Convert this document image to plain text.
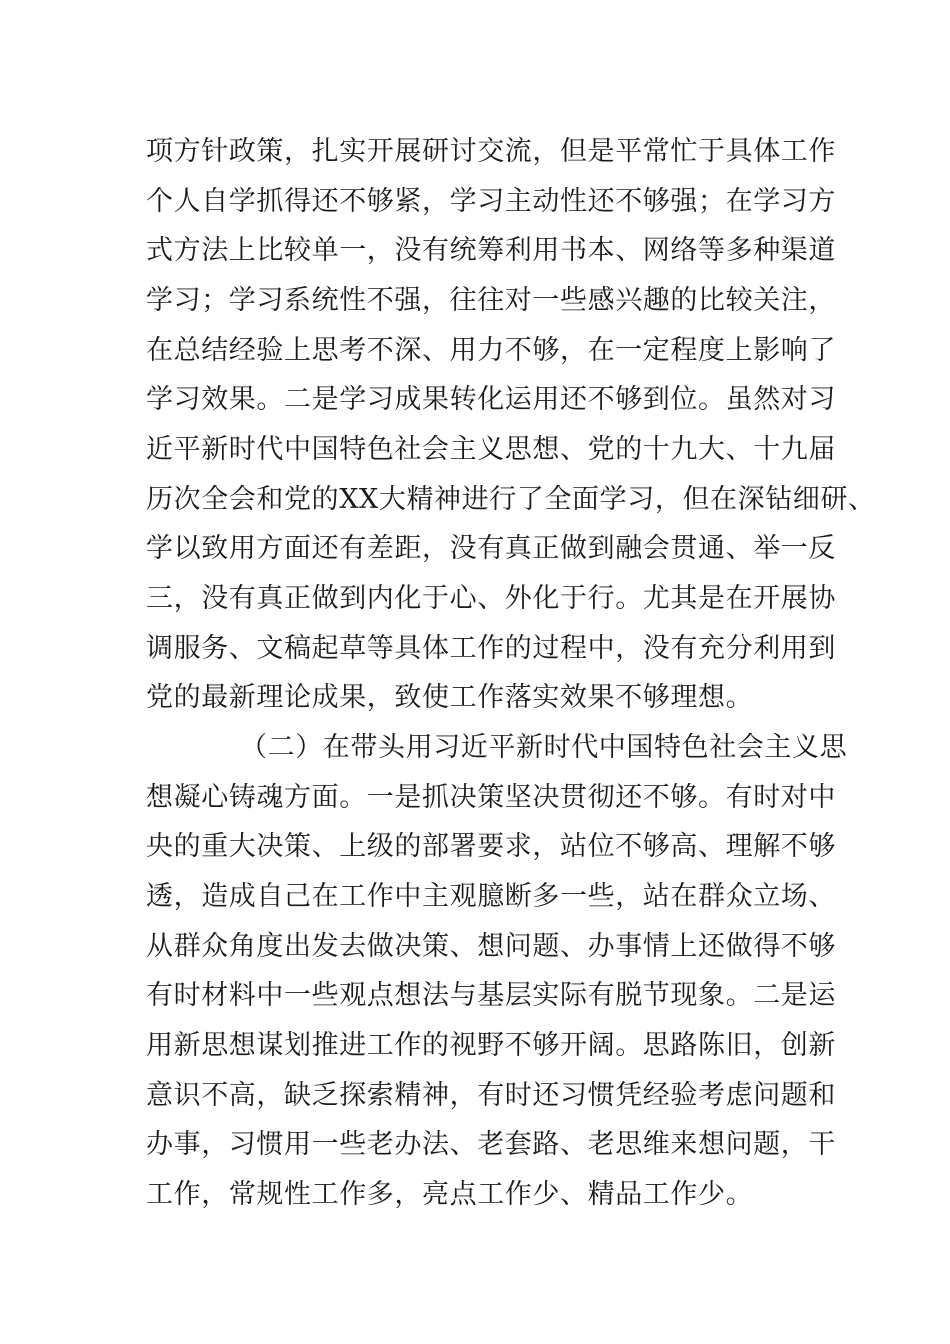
项方针政策，扎实开展研讨交流，但是平常忙于具体工作
个人自学抓得还不够紧，学习主动性还不够强；在学习方
式方法上比较单一，没有统筹利用书本、网络等多种渠道
学习；学习系统性不强，往往对一些感兴趣的比较关注，
在总结经验上思考不深、用力不够，在一定程度上影响了
学习效果。二是学习成果转化运用还不够到位。虽然对习
近平新时代中国特色社会主义思想、党的十九大、十九届
历次全会和党的XX大精神进行了全面学习，但在深钻细研、
学以致用方面还有差距，没有真正做到融会贯通、举一反
三，没有真正做到内化于心、外化于行。尤其是在开展协
调服务、文稿起草等具体工作的过程中，没有充分利用到
党的最新理论成果，致使工作落实效果不够理想。
（二）在带头用习近平新时代中国特色社会主义思
想凝心铸魂方面。一是抓决策坚决贯彻还不够。有时对中
央的重大决策、上级的部署要求，站位不够高、理解不够
透，造成自己在工作中主观臆断多一些，站在群众立场、
从群众角度出发去做决策、想问题、办事情上还做得不够
有时材料中一些观点想法与基层实际有脱节现象。二是运
用新思想谋划推进工作的视野不够开阔。思路陈旧，创新
意识不高，缺乏探索精神，有时还习惯凭经验考虑问题和
办事，习惯用一些老办法、老套路、老思维来想问题，干
工作，常规性工作多，亮点工作少、精品工作少。
